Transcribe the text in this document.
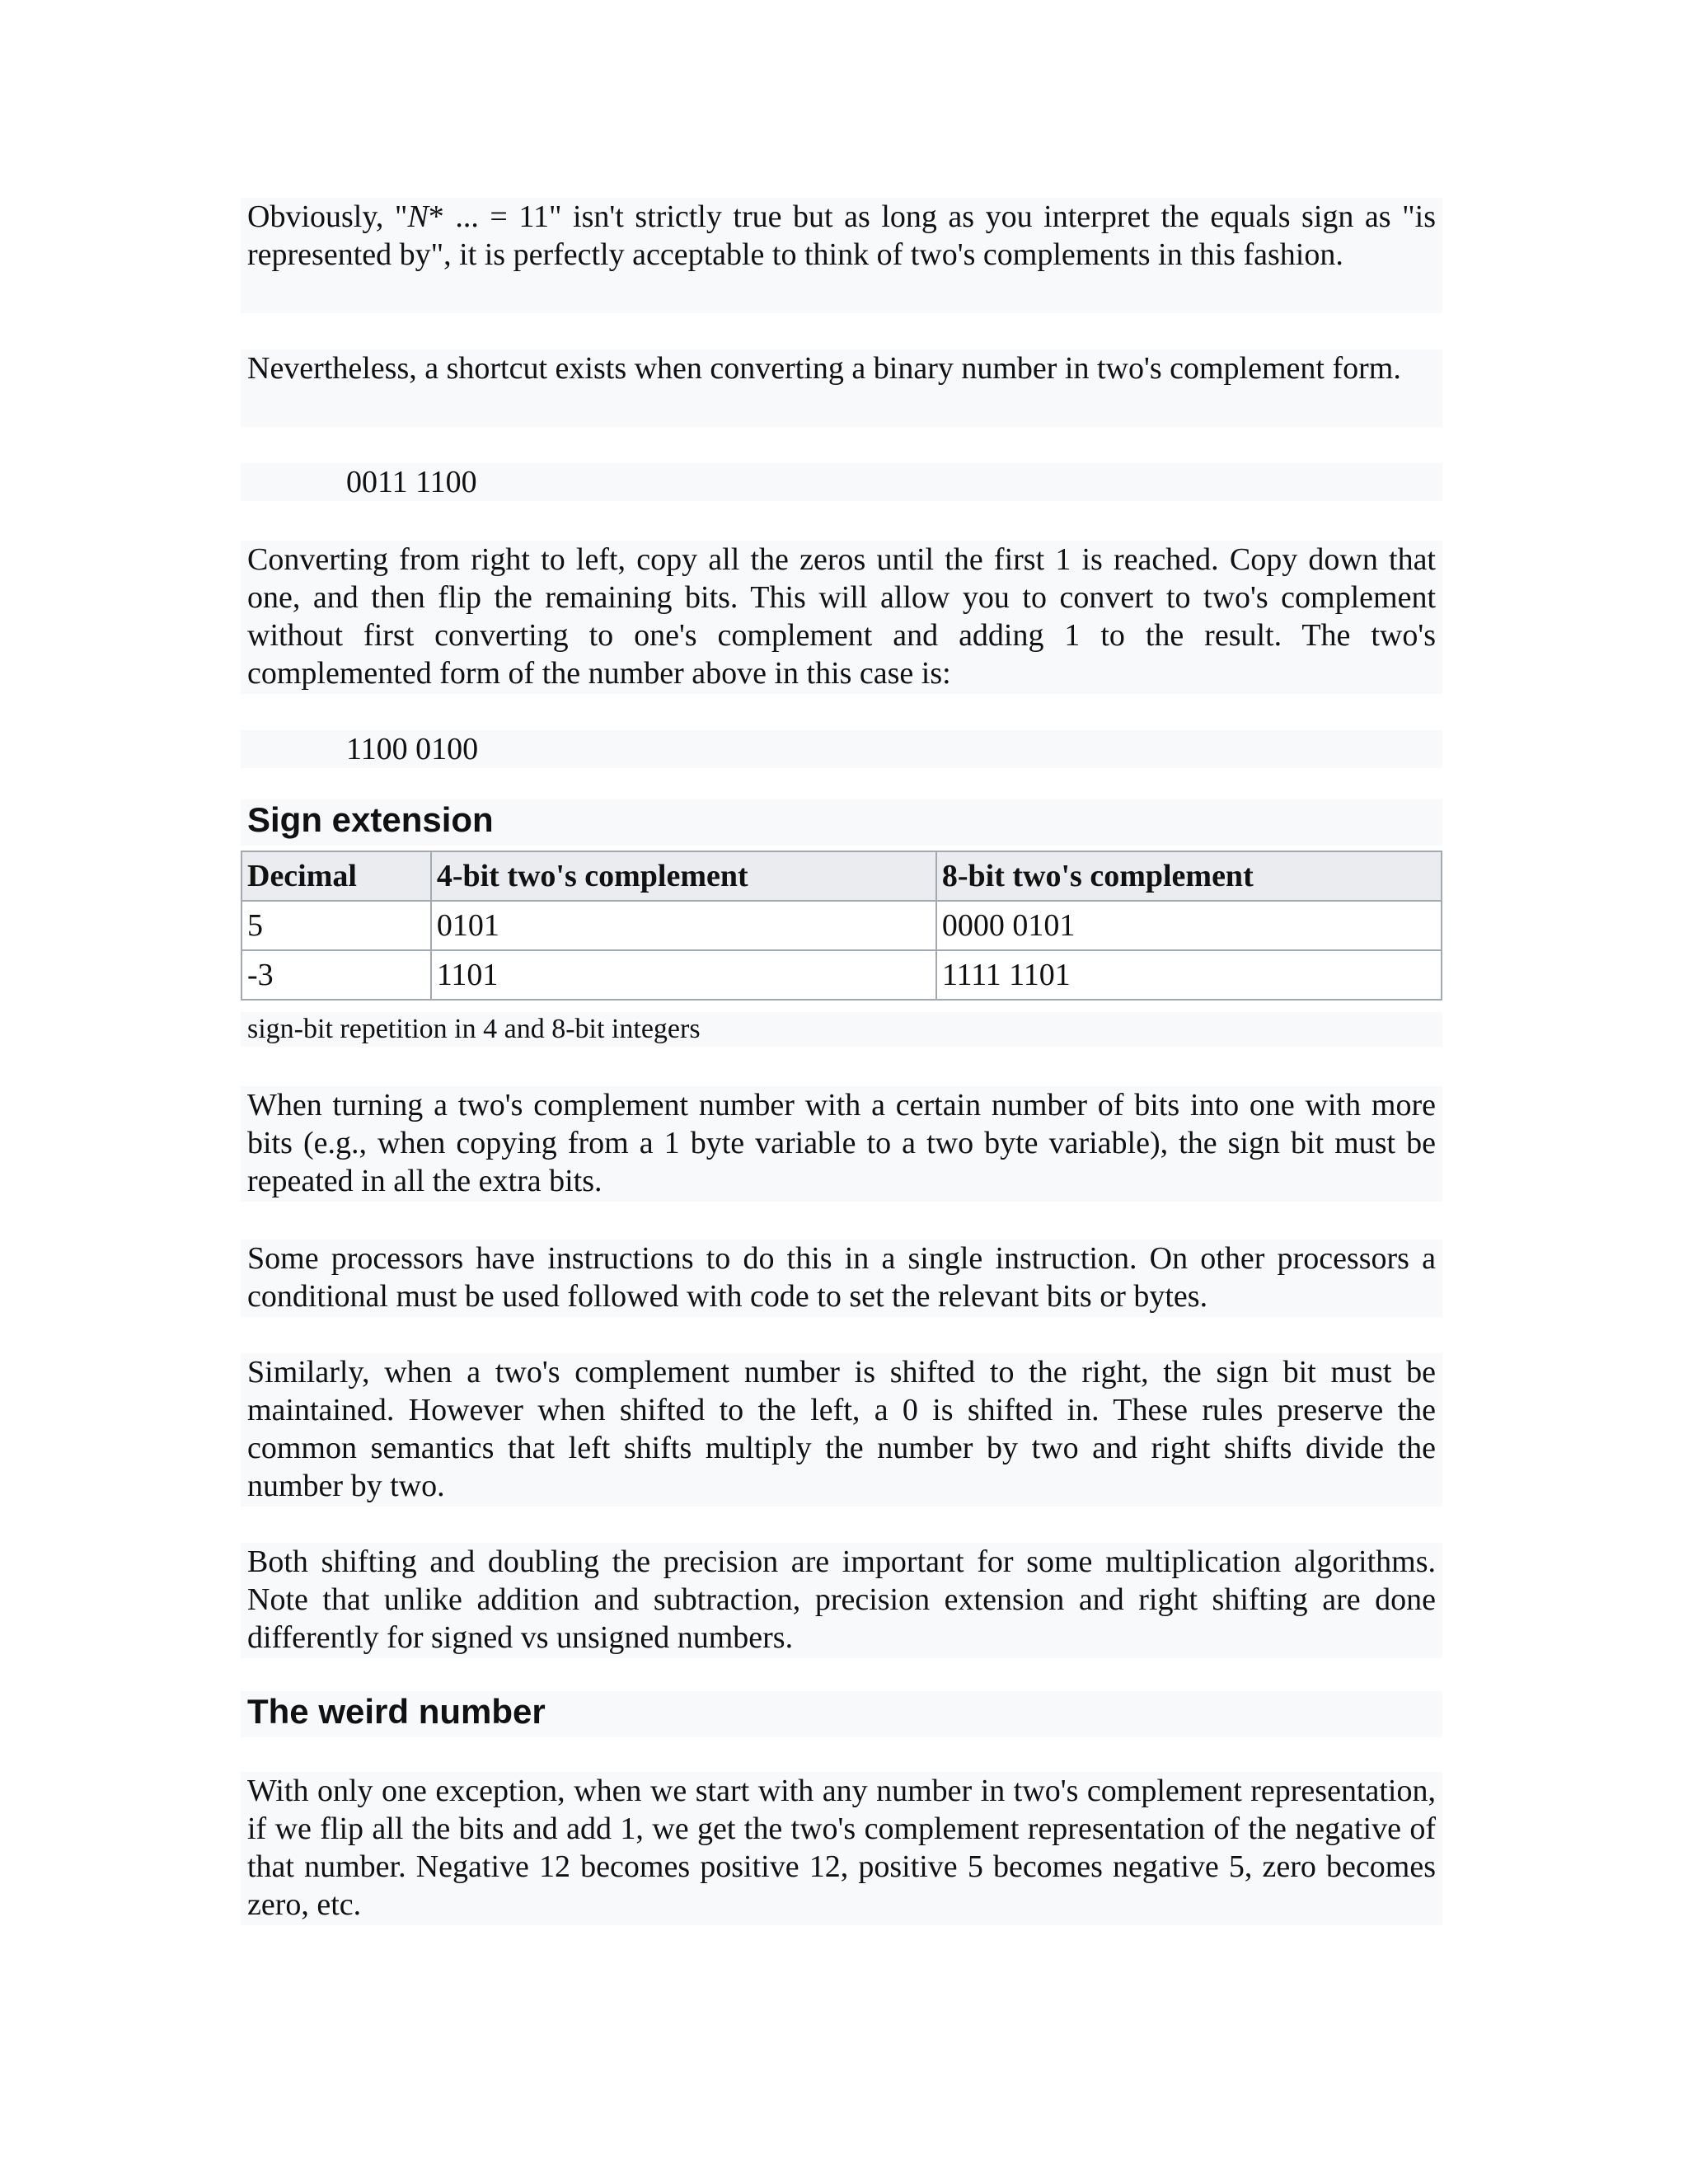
Obviously, "N* ... = 11" isn't strictly true but as long as you interpret the equals sign as "is represented by", it is perfectly acceptable to think of two's complements in this fashion.

Nevertheless, a shortcut exists when converting a binary number in two's complement form.

0011 1100

Converting from right to left, copy all the zeros until the first 1 is reached. Copy down that one, and then flip the remaining bits. This will allow you to convert to two's complement without first converting to one's complement and adding 1 to the result. The two's complemented form of the number above in this case is:

1100 0100

Sign extension
Decimal	4-bit two's complement	8-bit two's complement
5	0101	0000 0101
-3	1101	1111 1101
sign-bit repetition in 4 and 8-bit integers

When turning a two's complement number with a certain number of bits into one with more bits (e.g., when copying from a 1 byte variable to a two byte variable), the sign bit must be repeated in all the extra bits.

Some processors have instructions to do this in a single instruction. On other processors a conditional must be used followed with code to set the relevant bits or bytes.

Similarly, when a two's complement number is shifted to the right, the sign bit must be maintained. However when shifted to the left, a 0 is shifted in. These rules preserve the common semantics that left shifts multiply the number by two and right shifts divide the number by two.

Both shifting and doubling the precision are important for some multiplication algorithms. Note that unlike addition and subtraction, precision extension and right shifting are done differently for signed vs unsigned numbers.

The weird number

With only one exception, when we start with any number in two's complement representation, if we flip all the bits and add 1, we get the two's complement representation of the negative of that number. Negative 12 becomes positive 12, positive 5 becomes negative 5, zero becomes zero, etc.
